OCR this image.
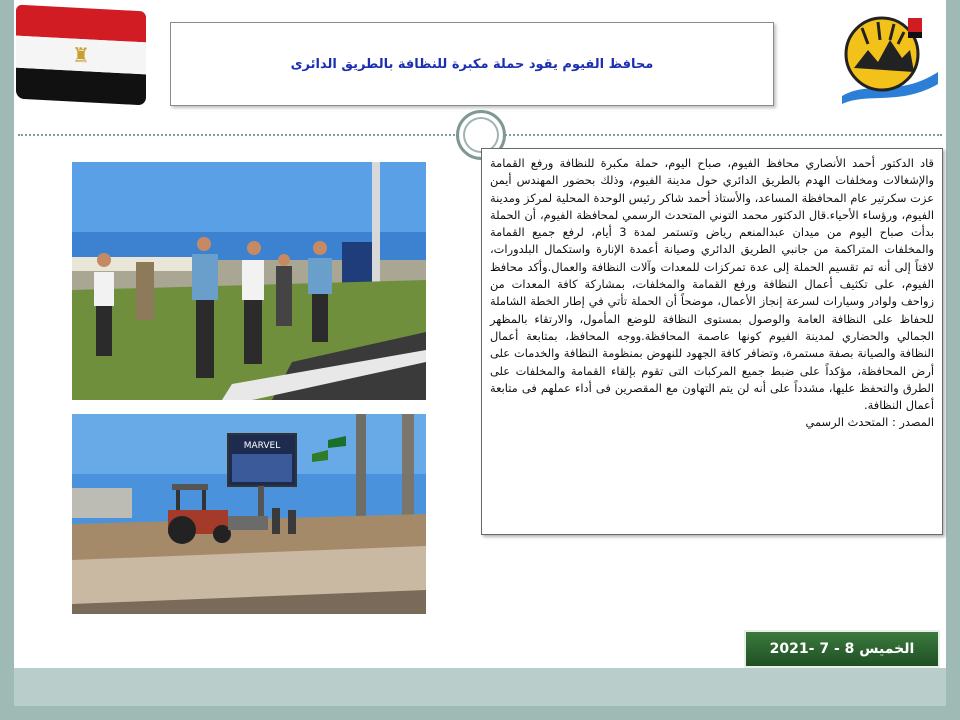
♜	محافظ الفيوم يقود حملة مكبرة للنظافة بالطريق الدائرى
MARVEL
قاد الدكتور أحمد الأنصاري محافظ الفيوم، صباح اليوم، حملة مكبرة للنظافة ورفع القمامة والإشغالات ومخلفات الهدم بالطريق الدائري حول مدينة الفيوم، وذلك بحضور المهندس أيمن عزت سكرتير عام المحافظة المساعد، والأستاذ أحمد شاكر رئيس الوحدة المحلية لمركز ومدينة الفيوم، ورؤساء الأحياء.قال الدكتور محمد التوني المتحدث الرسمي لمحافظة الفيوم، أن الحملة بدأت صباح اليوم من ميدان عبدالمنعم رياض وتستمر لمدة 3 أيام، لرفع جميع القمامة والمخلفات المتراكمة من جانبي الطريق الدائري وصيانة أعمدة الإنارة واستكمال البلدورات، لافتاً إلى أنه تم تقسيم الحملة إلى عدة تمركزات للمعدات وآلات النظافة والعمال.وأكد محافظ الفيوم، على تكثيف أعمال النظافة ورفع القمامة والمخلفات، بمشاركة كافة المعدات من زواحف ولوادر وسيارات لسرعة إنجاز الأعمال، موضحاً أن الحملة تأتي في إطار الخطة الشاملة للحفاظ على النظافة العامة والوصول بمستوى النظافة للوضع المأمول، والارتقاء بالمظهر الجمالي والحضاري لمدينة الفيوم كونها عاصمة المحافظة.ووجه المحافظ، بمتابعة أعمال النظافة والصيانة بصفة مستمرة، وتضافر كافة الجهود للنهوض بمنظومة النظافة والخدمات على أرض المحافظة، مؤكداً على ضبط جميع المركبات التى تقوم بإلقاء القمامة والمخلفات على الطرق والتحفظ عليها، مشدداً على أنه لن يتم التهاون مع المقصرين فى أداء عملهم فى متابعة أعمال النظافة.
المصدر : المتحدث الرسمي
الخميس 8 - 7 -2021
